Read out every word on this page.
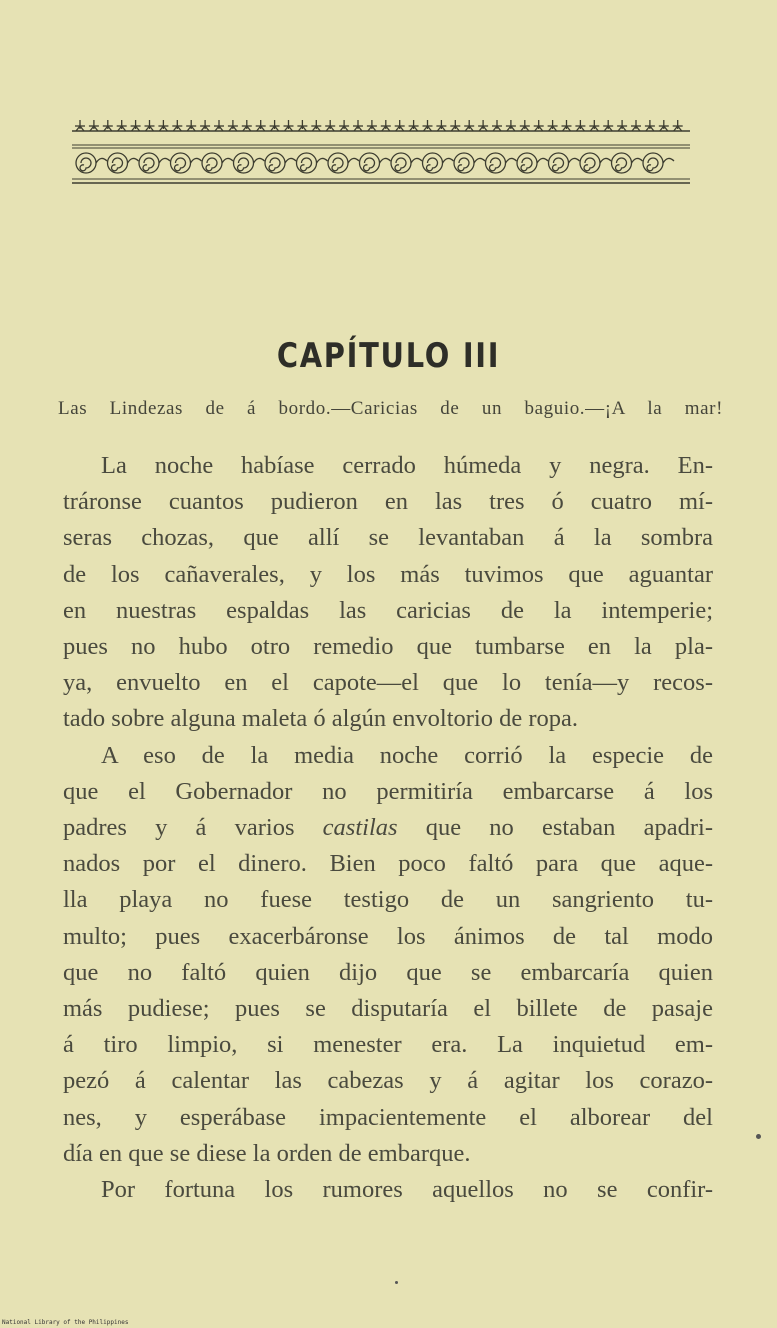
CAPÍTULO III
Las Lindezas de á bordo.—Caricias de un baguio.—¡A la mar!
La noche habíase cerrado húmeda y negra. En-
tráronse cuantos pudieron en las tres ó cuatro mí-
seras chozas, que allí se levantaban á la sombra
de los cañaverales, y los más tuvimos que aguantar
en nuestras espaldas las caricias de la intemperie;
pues no hubo otro remedio que tumbarse en la pla-
ya, envuelto en el capote—el que lo tenía—y recos-
tado sobre alguna maleta ó algún envoltorio de ropa.
A eso de la media noche corrió la especie de
que el Gobernador no permitiría embarcarse á los
padres y á varios castilas que no estaban apadri-
nados por el dinero. Bien poco faltó para que aque-
lla playa no fuese testigo de un sangriento tu-
multo; pues exacerbáronse los ánimos de tal modo
que no faltó quien dijo que se embarcaría quien
más pudiese; pues se disputaría el billete de pasaje
á tiro limpio, si menester era. La inquietud em-
pezó á calentar las cabezas y á agitar los corazo-
nes, y esperábase impacientemente el alborear del
día en que se diese la orden de embarque.
Por fortuna los rumores aquellos no se confir-
National Library of the Philippines
